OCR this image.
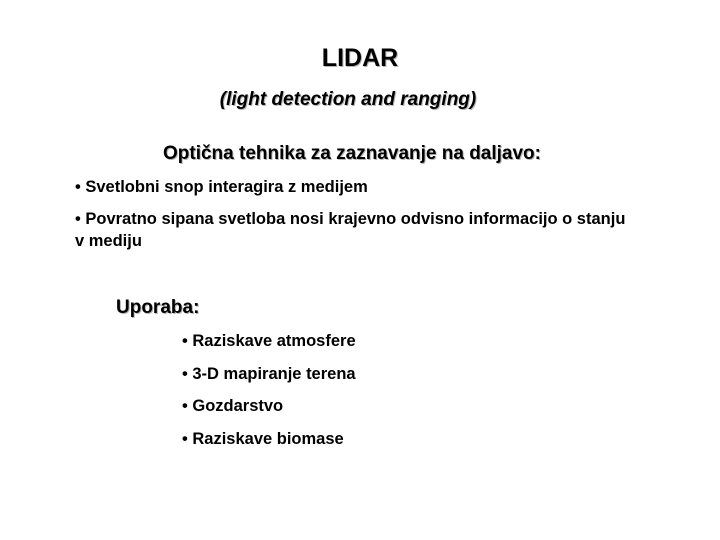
LIDAR
(light detection and ranging)
Optična tehnika za zaznavanje na daljavo:
• Svetlobni snop interagira z medijem
• Povratno sipana svetloba nosi krajevno odvisno informacijo o stanju v mediju
Uporaba:
• Raziskave atmosfere
• 3-D mapiranje terena
• Gozdarstvo
• Raziskave biomase
